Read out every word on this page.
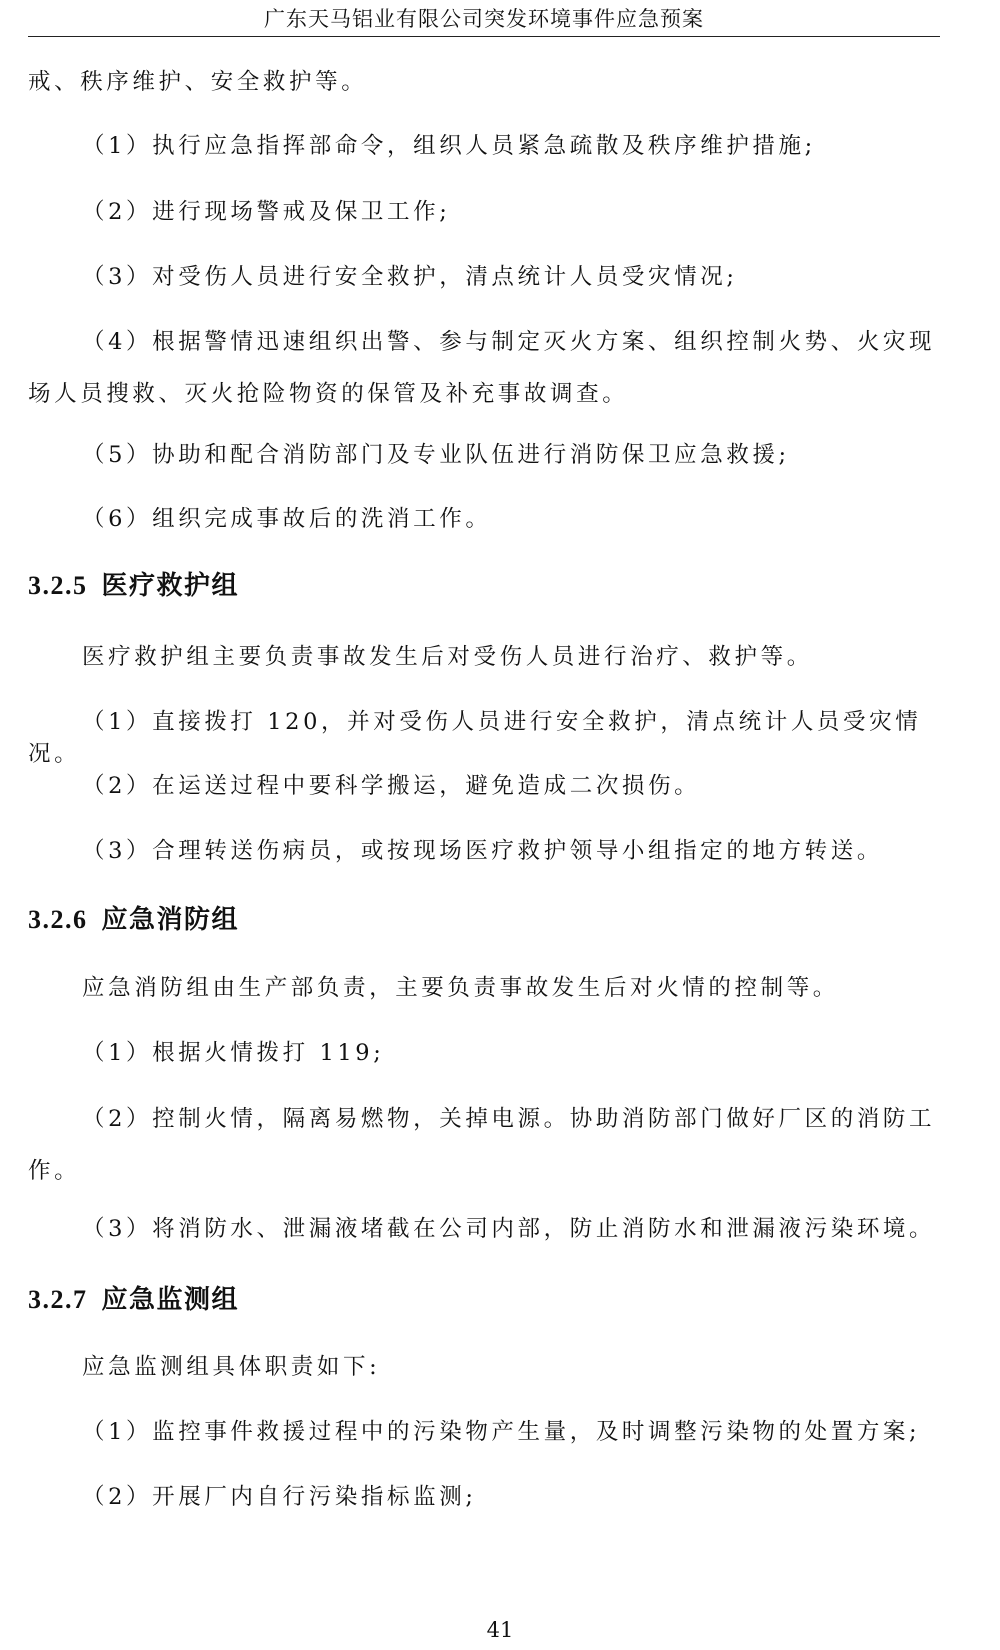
广东天马铝业有限公司突发环境事件应急预案
戒、秩序维护、安全救护等。
（1）执行应急指挥部命令，组织人员紧急疏散及秩序维护措施;
（2）进行现场警戒及保卫工作;
（3）对受伤人员进行安全救护，清点统计人员受灾情况;
（4）根据警情迅速组织出警、参与制定灭火方案、组织控制火势、火灾现场人员搜救、灭火抢险物资的保管及补充事故调查。
（5）协助和配合消防部门及专业队伍进行消防保卫应急救援;
（6）组织完成事故后的洗消工作。
3.2.5 医疗救护组
医疗救护组主要负责事故发生后对受伤人员进行治疗、救护等。
（1）直接拨打 120，并对受伤人员进行安全救护，清点统计人员受灾情况。
（2）在运送过程中要科学搬运，避免造成二次损伤。
（3）合理转送伤病员，或按现场医疗救护领导小组指定的地方转送。
3.2.6 应急消防组
应急消防组由生产部负责，主要负责事故发生后对火情的控制等。
（1）根据火情拨打 119;
（2）控制火情，隔离易燃物，关掉电源。协助消防部门做好厂区的消防工作。
（3）将消防水、泄漏液堵截在公司内部，防止消防水和泄漏液污染环境。
3.2.7 应急监测组
应急监测组具体职责如下:
（1）监控事件救援过程中的污染物产生量，及时调整污染物的处置方案;
（2）开展厂内自行污染指标监测;
41
